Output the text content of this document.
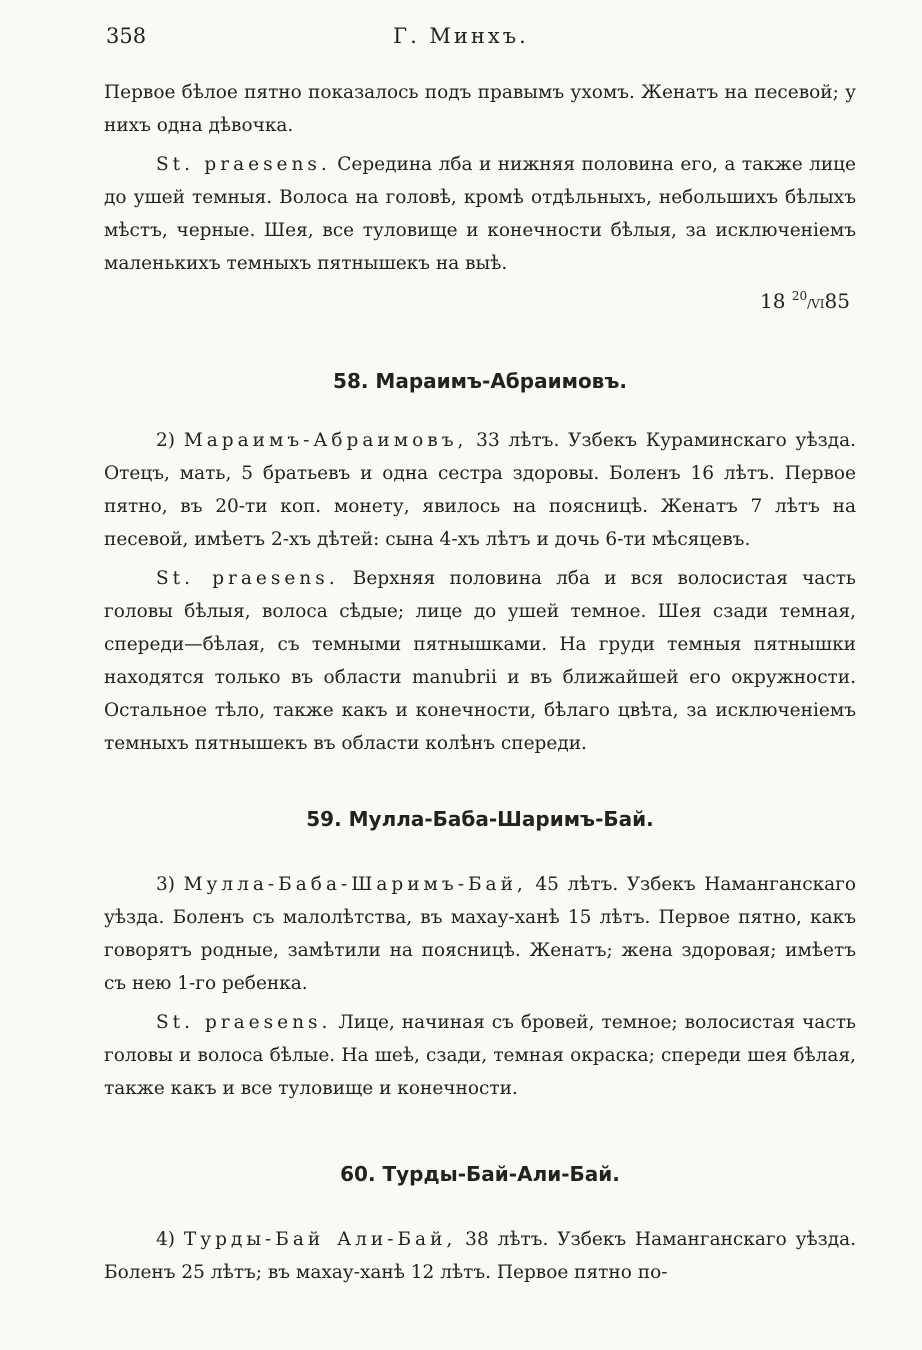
358	Г. Минхъ.

Первое бѣлое пятно показалось подъ правымъ ухомъ. Женатъ на песевой; у нихъ одна дѣвочка.

St. praesens. Середина лба и нижняя половина его, а также лице до ушей темныя. Волоса на головѣ, кромѣ отдѣльныхъ, небольшихъ бѣлыхъ мѣстъ, черные. Шея, все туловище и конечности бѣлыя, за исключеніемъ маленькихъ темныхъ пятнышекъ на выѣ.

18 $^{20}$/VI85
58. Мараимъ-Абраимовъ.

2) Мараимъ-Абраимовъ, 33 лѣтъ. Узбекъ Кураминскаго уѣзда. Отецъ, мать, 5 братьевъ и одна сестра здоровы. Боленъ 16 лѣтъ. Первое пятно, въ 20-ти коп. монету, явилось на поясницѣ. Женатъ 7 лѣтъ на песевой, имѣетъ 2-хъ дѣтей: сына 4-хъ лѣтъ и дочь 6-ти мѣсяцевъ.

St. praesens. Верхняя половина лба и вся волосистая часть головы бѣлыя, волоса сѣдые; лице до ушей темное. Шея сзади темная, спереди—бѣлая, съ темными пятнышками. На груди темныя пятнышки находятся только въ области manubrii и въ ближайшей его окружности. Остальное тѣло, также какъ и конечности, бѣлаго цвѣта, за исключеніемъ темныхъ пятнышекъ въ области колѣнъ спереди.

59. Мулла-Баба-Шаримъ-Бай.

3) Мулла-Баба-Шаримъ-Бай, 45 лѣтъ. Узбекъ Наманганскаго уѣзда. Боленъ съ малолѣтства, въ махау-ханѣ 15 лѣтъ. Первое пятно, какъ говорятъ родные, замѣтили на поясницѣ. Женатъ; жена здоровая; имѣетъ съ нею 1-го ребенка.

St. praesens. Лице, начиная съ бровей, темное; волосистая часть головы и волоса бѣлые. На шеѣ, сзади, темная окраска; спереди шея бѣлая, также какъ и все туловище и конечности.

60. Турды-Бай-Али-Бай.

4) Турды-Бай Али-Бай, 38 лѣтъ. Узбекъ Наманганскаго уѣзда. Боленъ 25 лѣтъ; въ махау-ханѣ 12 лѣтъ. Первое пятно по-
